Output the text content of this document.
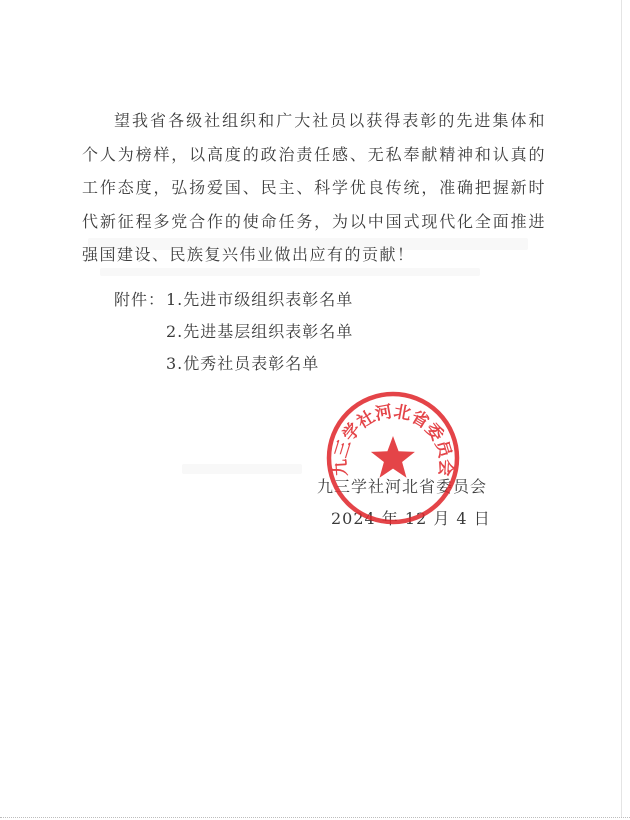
望我省各级社组织和广大社员以获得表彰的先进集体和个人为榜样，以高度的政治责任感、无私奉献精神和认真的工作态度，弘扬爱国、民主、科学优良传统，准确把握新时代新征程多党合作的使命任务，为以中国式现代化全面推进强国建设、民族复兴伟业做出应有的贡献！

附件： 1.先进市级组织表彰名单
2.先进基层组织表彰名单
3.优秀社员表彰名单
九三学社河北省委员会
2024 年 12 月 4 日
九三学社河北省委员会
